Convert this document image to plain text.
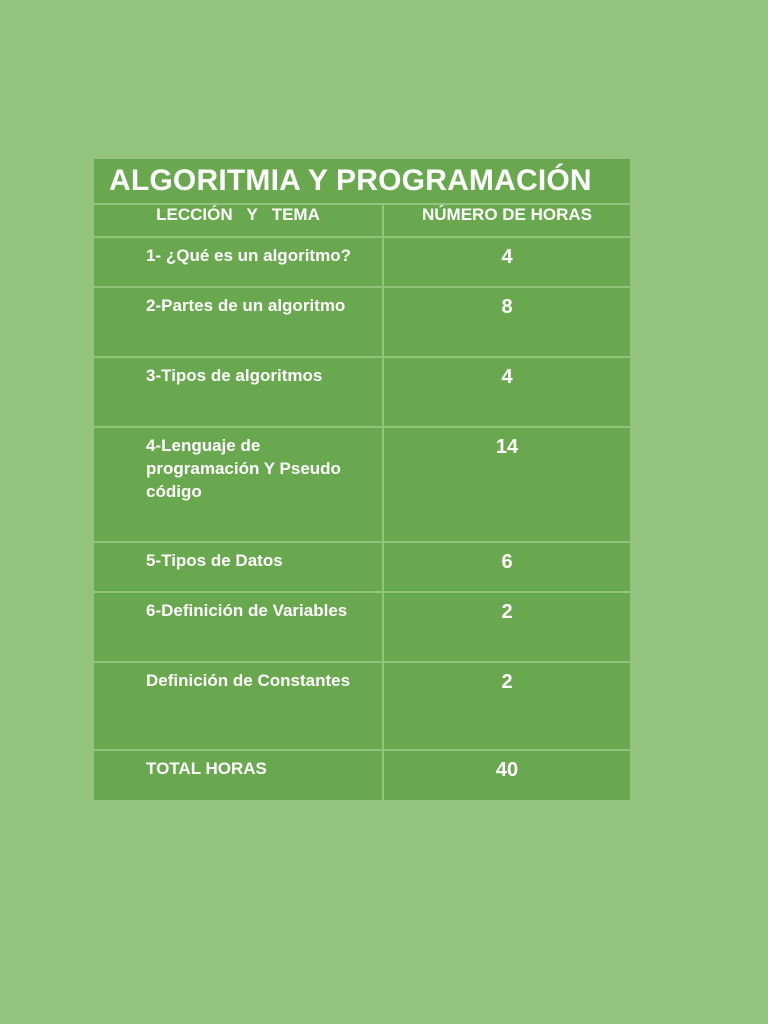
ALGORITMIA Y PROGRAMACIÓN
LECCIÓN   Y   TEMA	NÚMERO DE HORAS
1- ¿Qué es un algoritmo?	4
2-Partes de un algoritmo	8
3-Tipos de algoritmos	4
4-Lenguaje de programación Y Pseudo código	14
5-Tipos de Datos	6
6-Definición de Variables	2
Definición de Constantes	2
TOTAL HORAS	40
